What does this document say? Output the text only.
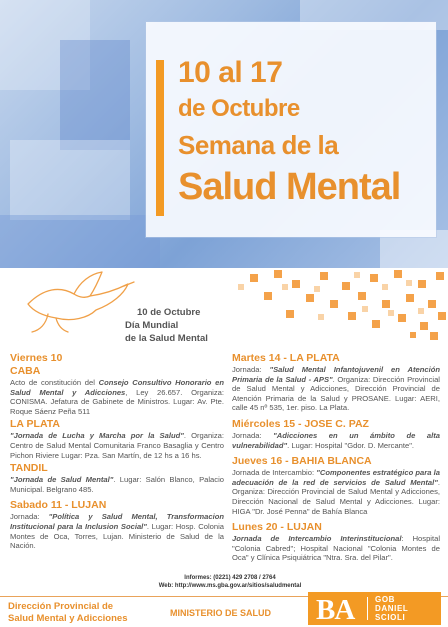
10 al 17
de Octubre
Semana de la
Salud Mental
10 de Octubre
Día Mundial
de la Salud Mental
Viernes 10
CABA
Acto de constitución del Consejo Consultivo Honorario en Salud Mental y Adicciones, Ley 26.657. Organiza: CONISMA. Jefatura de Gabinete de Ministros. Lugar: Av. Pte. Roque Sáenz Peña 511
LA PLATA
"Jornada de Lucha y Marcha por la Salud". Organiza: Centro de Salud Mental Comunitaria Franco Basaglia y Centro Pichon Riviere Lugar: Pza. San Martín, de 12 hs a 16 hs.
TANDIL
"Jornada de Salud Mental". Lugar: Salón Blanco, Palacio Municipal. Belgrano 485.
Sabado 11 - LUJAN
Jornada: "Política y Salud Mental, Transformacion Institucional para la Inclusion Social". Lugar: Hosp. Colonia Montes de Oca, Torres, Lujan. Ministerio de Salud de la Nación.
Martes 14 - LA PLATA
Jornada: "Salud Mental Infantojuvenil en Atención Primaria de la Salud - APS". Organiza: Dirección Provincial de Salud Mental y Adicciones, Dirección Provincial de Atención Primaria de la Salud y PROSANE. Lugar: AERI, calle 45 nº 535, 1er. piso. La Plata.
Miércoles 15 - JOSE C. PAZ
Jornada: "Adicciones en un ámbito de alta vulnerabilidad". Lugar: Hospital "Gdor. D. Mercante".
Jueves 16 - BAHIA BLANCA
Jornada de Intercambio: "Componentes estratégico para la adecuación de la red de servicios de Salud Mental". Organiza: Dirección Provincial de Salud Mental y Adicciones, Dirección Nacional de Salud Mental y Adicciones. Lugar: HIGA "Dr. José Penna" de Bahía Blanca
Lunes 20 - LUJAN
Jornada de Intercambio Interinstitucional: Hospital "Colonia Cabred"; Hospital Nacional "Colonia Montes de Oca" y Clínica Psiquiátrica "Ntra. Sra. del Pilar".
Informes: (0221) 429 2708 / 2764
Web: http://www.ms.gba.gov.ar/sitios/saludmental
Dirección Provincial de
Salud Mental y Adicciones	MINISTERIO DE SALUD BA	GOB
DANIEL
SCIOLI
